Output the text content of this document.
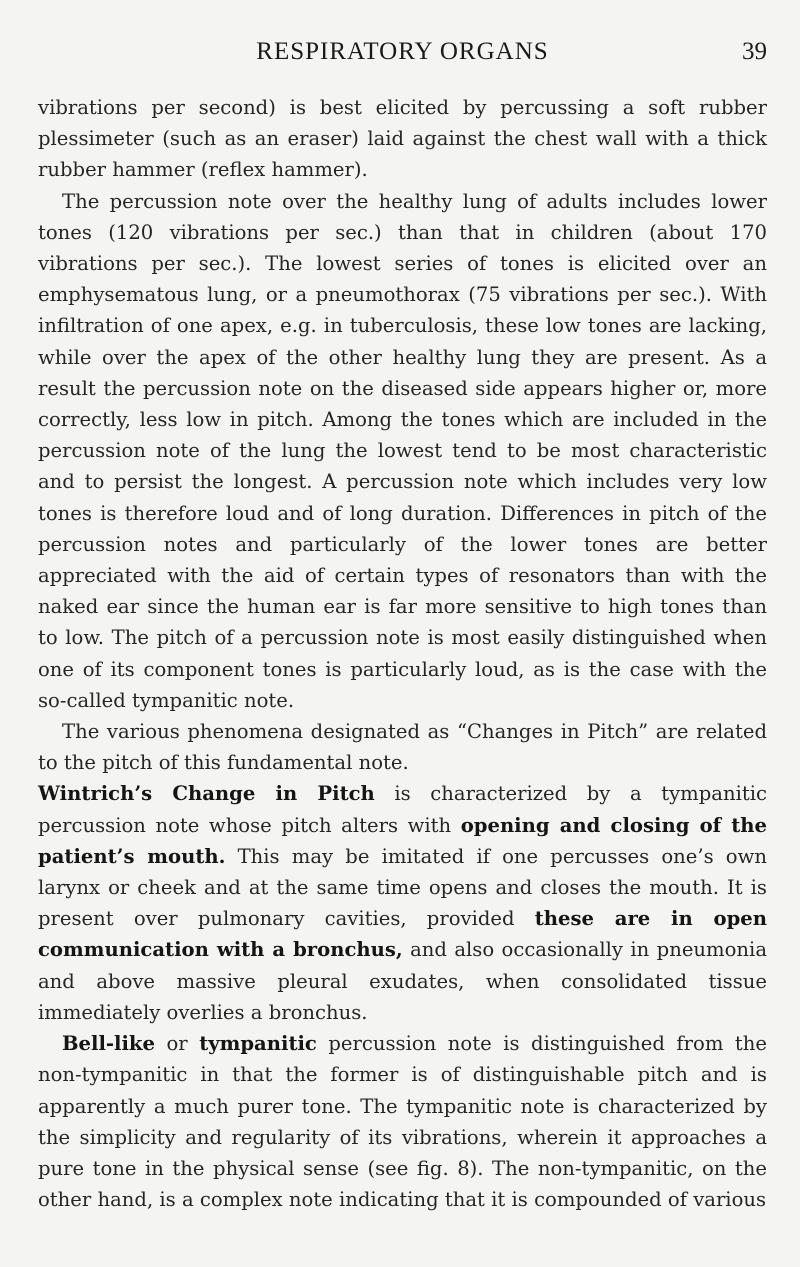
RESPIRATORY ORGANS	39

vibrations per second) is best elicited by percussing a soft rubber plessimeter (such as an eraser) laid against the chest wall with a thick rubber hammer (reflex hammer).

The percussion note over the healthy lung of adults includes lower tones (120 vibrations per sec.) than that in children (about 170 vibrations per sec.). The lowest series of tones is elicited over an emphysematous lung, or a pneumothorax (75 vibrations per sec.). With infiltration of one apex, e.g. in tuberculosis, these low tones are lacking, while over the apex of the other healthy lung they are present. As a result the percussion note on the diseased side appears higher or, more correctly, less low in pitch. Among the tones which are included in the percussion note of the lung the lowest tend to be most characteristic and to persist the longest. A percussion note which includes very low tones is therefore loud and of long duration. Differences in pitch of the percussion notes and particularly of the lower tones are better appreciated with the aid of certain types of resonators than with the naked ear since the human ear is far more sensitive to high tones than to low. The pitch of a percussion note is most easily distinguished when one of its component tones is particularly loud, as is the case with the so-called tympanitic note.

The various phenomena designated as “Changes in Pitch” are related to the pitch of this fundamental note.

Wintrich’s Change in Pitch is characterized by a tympanitic percussion note whose pitch alters with opening and closing of the patient’s mouth. This may be imitated if one percusses one’s own larynx or cheek and at the same time opens and closes the mouth. It is present over pulmonary cavities, provided these are in open communication with a bronchus, and also occasionally in pneumonia and above massive pleural exudates, when consolidated tissue immediately overlies a bronchus.

Bell-like or tympanitic percussion note is distinguished from the non-tympanitic in that the former is of distinguishable pitch and is apparently a much purer tone. The tympanitic note is characterized by the simplicity and regularity of its vibrations, wherein it approaches a pure tone in the physical sense (see fig. 8). The non-tympanitic, on the other hand, is a complex note indicating that it is compounded of various
